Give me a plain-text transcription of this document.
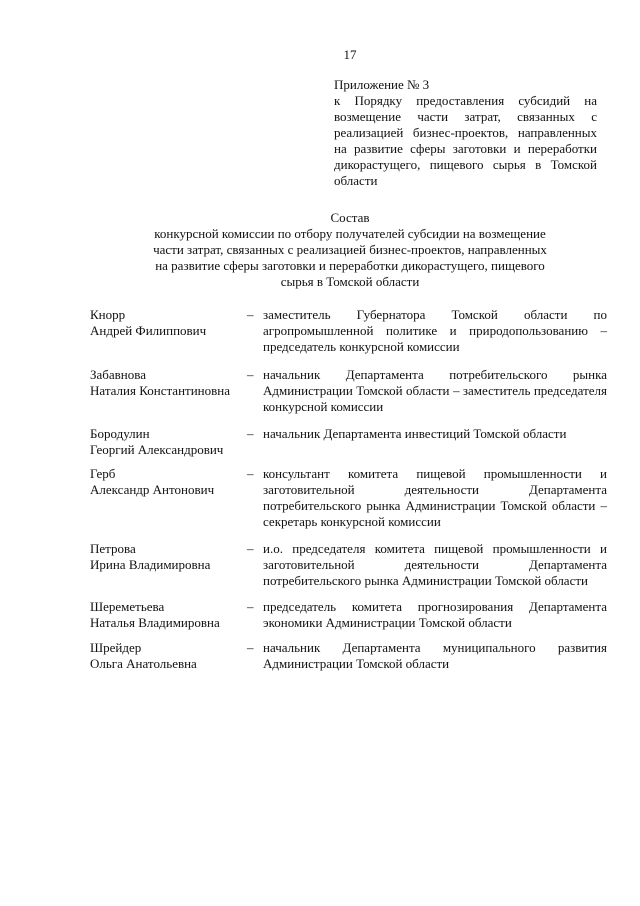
17
Приложение № 3
к Порядку предоставления субсидий на возмещение части затрат, связанных с реализацией бизнес-проектов, направленных на развитие сферы заготовки и переработки дикорастущего, пищевого сырья в Томской области
Состав
конкурсной комиссии по отбору получателей субсидии на возмещение
части затрат, связанных с реализацией бизнес-проектов, направленных
на развитие сферы заготовки и переработки дикорастущего, пищевого
сырья в Томской области
Кнорр
Андрей Филиппович
– заместитель Губернатора Томской области по агропромышленной политике и природопользованию – председатель конкурсной комиссии
Забавнова
Наталия Константиновна
– начальник Департамента потребительского рынка Администрации Томской области – заместитель председателя конкурсной комиссии
Бородулин
Георгий Александрович
– начальник Департамента инвестиций Томской области
Герб
Александр Антонович
– консультант комитета пищевой промышленности и заготовительной деятельности Департамента потребительского рынка Администрации Томской области – секретарь конкурсной комиссии
Петрова
Ирина Владимировна
– и.о. председателя комитета пищевой промышленности и заготовительной деятельности Департамента потребительского рынка Администрации Томской области
Шереметьева
Наталья Владимировна
– председатель комитета прогнозирования Департамента экономики Администрации Томской области
Шрейдер
Ольга Анатольевна
– начальник Департамента муниципального развития Администрации Томской области
